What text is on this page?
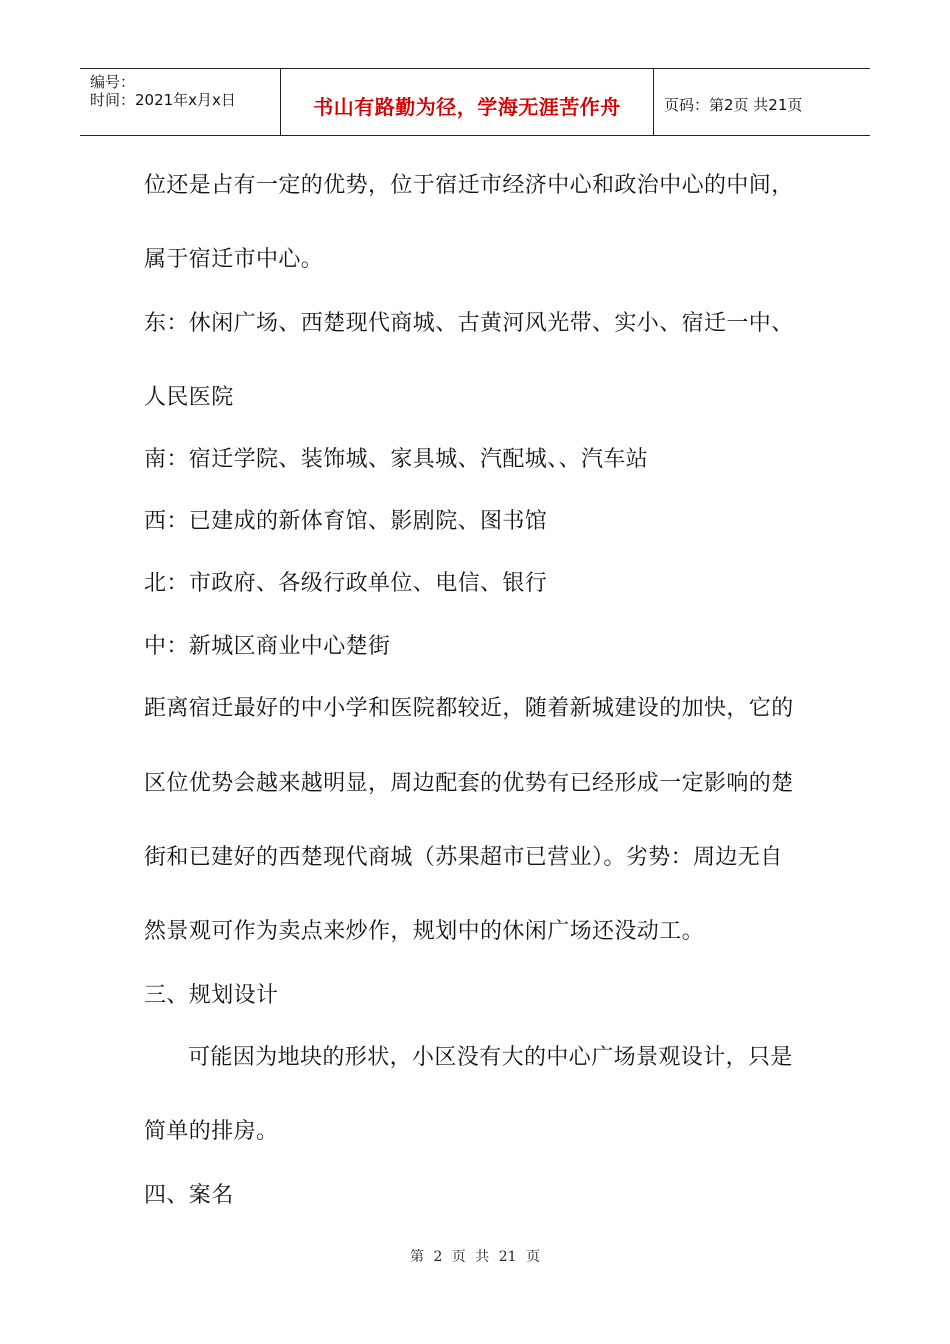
编号：
时间：2021年x月x日	书山有路勤为径，学海无涯苦作舟	页码：第2页 共21页
位还是占有一定的优势，位于宿迁市经济中心和政治中心的中间，
属于宿迁市中心。
东：休闲广场、西楚现代商城、古黄河风光带、实小、宿迁一中、
人民医院
南：宿迁学院、装饰城、家具城、汽配城、、汽车站
西：已建成的新体育馆、影剧院、图书馆
北：市政府、各级行政单位、电信、银行
中：新城区商业中心楚街
距离宿迁最好的中小学和医院都较近，随着新城建设的加快，它的
区位优势会越来越明显，周边配套的优势有已经形成一定影响的楚
街和已建好的西楚现代商城（苏果超市已营业）。劣势：周边无自
然景观可作为卖点来炒作，规划中的休闲广场还没动工。
三、规划设计
可能因为地块的形状，小区没有大的中心广场景观设计，只是
简单的排房。
四、案名
第 2 页 共 21 页
